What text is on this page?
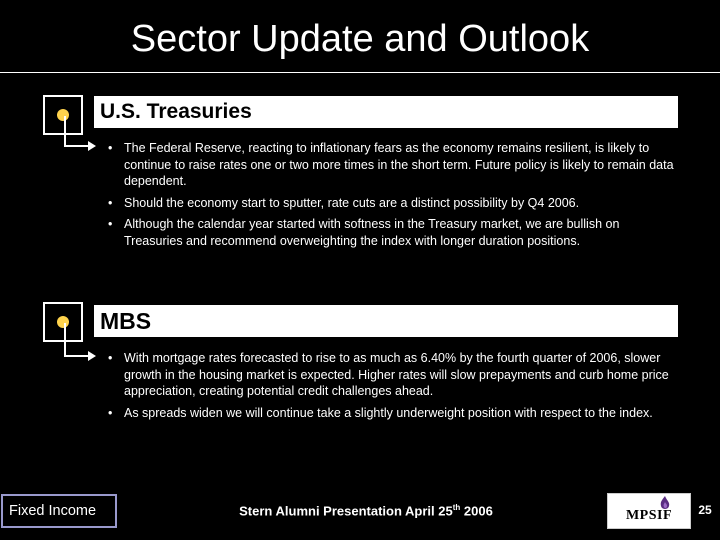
Sector Update and Outlook
U.S. Treasuries
• The Federal Reserve, reacting to inflationary fears as the economy remains resilient, is likely to continue to raise rates one or two more times in the short term. Future policy is likely to remain data dependent.
• Should the economy start to sputter, rate cuts are a distinct possibility by Q4 2006.
• Although the calendar year started with softness in the Treasury market, we are bullish on Treasuries and recommend overweighting the index with longer duration positions.
MBS
• With mortgage rates forecasted to rise to as much as 6.40% by the fourth quarter of 2006, slower growth in the housing market is expected. Higher rates will slow prepayments and curb home price appreciation, creating potential credit challenges ahead.
• As spreads widen we will continue take a slightly underweight position with respect to the index.
Fixed Income	Stern Alumni Presentation April 25th 2006	MPSIF	25
